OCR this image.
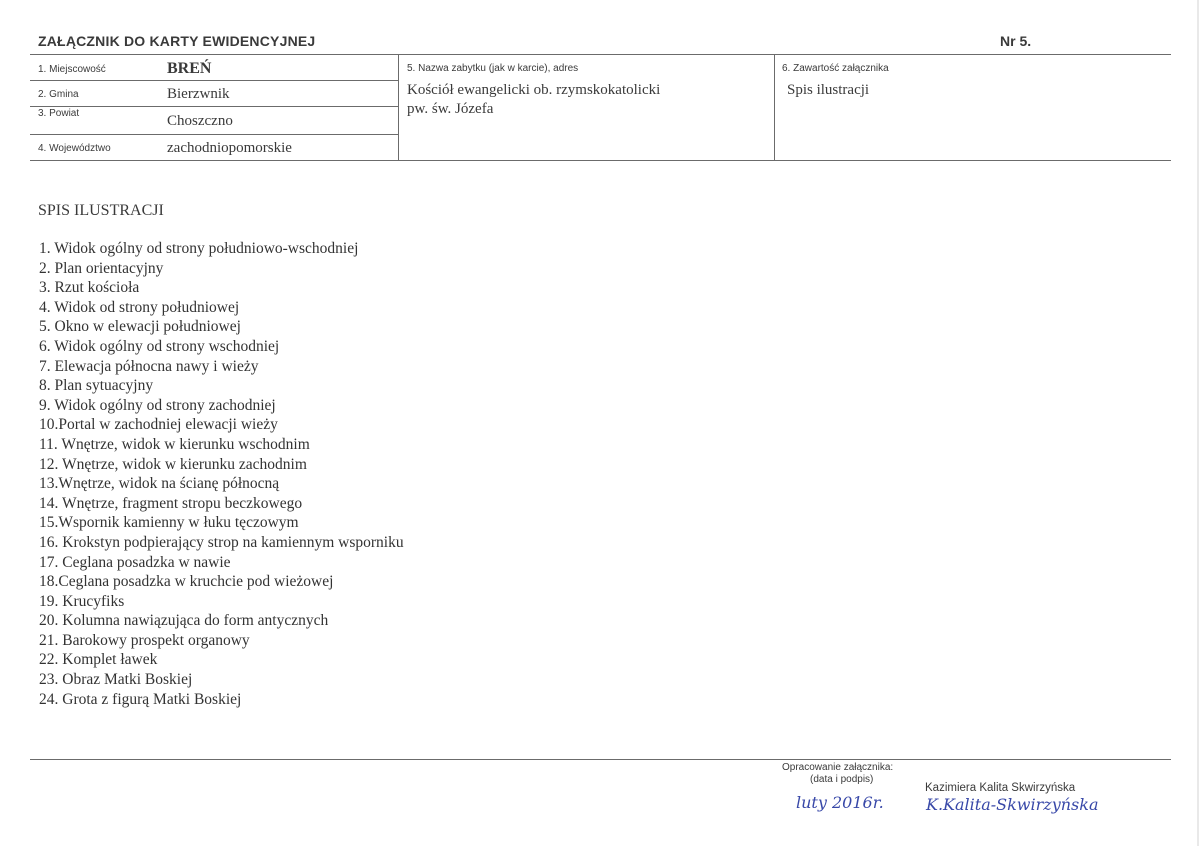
ZAŁĄCZNIK DO KARTY EWIDENCYJNEJ	Nr 5.
1. Miejscowość	BREŃ
2. Gmina	Bierzwnik
3. Powiat	Choszczno
4. Województwo	zachodniopomorskie
5. Nazwa zabytku (jak w karcie), adres
Kościół ewangelicki ob. rzymskokatolicki
pw. św. Józefa
6. Zawartość załącznika
Spis ilustracji
SPIS ILUSTRACJI
1. Widok ogólny od strony południowo-wschodniej
2. Plan orientacyjny
3. Rzut kościoła
4. Widok od strony południowej
5. Okno w elewacji południowej
6. Widok ogólny od strony wschodniej
7. Elewacja północna nawy i wieży
8. Plan sytuacyjny
9. Widok ogólny od strony zachodniej
10.Portal w zachodniej elewacji wieży
11. Wnętrze, widok w kierunku wschodnim
12. Wnętrze, widok w kierunku zachodnim
13.Wnętrze, widok na ścianę północną
14. Wnętrze, fragment stropu beczkowego
15.Wspornik kamienny w łuku tęczowym
16. Krokstyn podpierający strop na kamiennym wsporniku
17. Ceglana posadzka w nawie
18.Ceglana posadzka w kruchcie pod wieżowej
19. Krucyfiks
20. Kolumna nawiązująca do form antycznych
21. Barokowy prospekt organowy
22. Komplet ławek
23. Obraz Matki Boskiej
24. Grota z figurą Matki Boskiej
Opracowanie załącznika:
(data i podpis)
Kazimiera Kalita Skwirzyńska
luty 2016r.	K.Kalita-Skwirzyńska
